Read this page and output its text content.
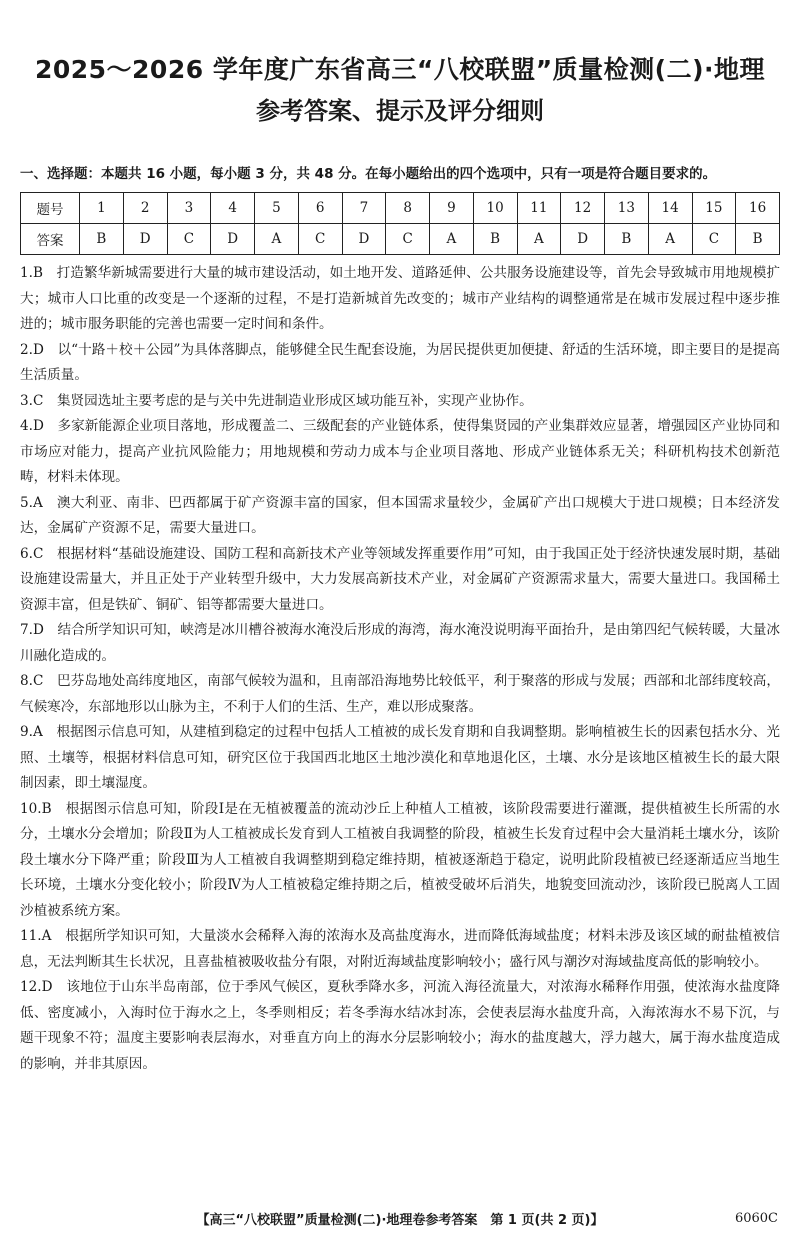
2025～2026 学年度广东省高三“八校联盟”质量检测(二)·地理
参考答案、提示及评分细则
一、选择题：本题共 16 小题，每小题 3 分，共 48 分。在每小题给出的四个选项中，只有一项是符合题目要求的。
题号	1	2	3	4	5	6	7	8	9	10	11	12	13	14	15	16
答案	B	D	C	D	A	C	D	C	A	B	A	D	B	A	C	B

1.B　打造繁华新城需要进行大量的城市建设活动，如土地开发、道路延伸、公共服务设施建设等，首先会导致城市用地规模扩大；城市人口比重的改变是一个逐渐的过程，不是打造新城首先改变的；城市产业结构的调整通常是在城市发展过程中逐步推进的；城市服务职能的完善也需要一定时间和条件。

2.D　以“十路＋校＋公园”为具体落脚点，能够健全民生配套设施，为居民提供更加便捷、舒适的生活环境，即主要目的是提高生活质量。

3.C　集贤园选址主要考虑的是与关中先进制造业形成区域功能互补，实现产业协作。

4.D　多家新能源企业项目落地，形成覆盖二、三级配套的产业链体系，使得集贤园的产业集群效应显著，增强园区产业协同和市场应对能力，提高产业抗风险能力；用地规模和劳动力成本与企业项目落地、形成产业链体系无关；科研机构技术创新范畴，材料未体现。

5.A　澳大利亚、南非、巴西都属于矿产资源丰富的国家，但本国需求量较少，金属矿产出口规模大于进口规模；日本经济发达，金属矿产资源不足，需要大量进口。

6.C　根据材料“基础设施建设、国防工程和高新技术产业等领域发挥重要作用”可知，由于我国正处于经济快速发展时期，基础设施建设需量大，并且正处于产业转型升级中，大力发展高新技术产业，对金属矿产资源需求量大，需要大量进口。我国稀土资源丰富，但是铁矿、铜矿、铝等都需要大量进口。

7.D　结合所学知识可知，峡湾是冰川槽谷被海水淹没后形成的海湾，海水淹没说明海平面抬升，是由第四纪气候转暖，大量冰川融化造成的。

8.C　巴芬岛地处高纬度地区，南部气候较为温和，且南部沿海地势比较低平，利于聚落的形成与发展；西部和北部纬度较高，气候寒冷，东部地形以山脉为主，不利于人们的生活、生产，难以形成聚落。

9.A　根据图示信息可知，从建植到稳定的过程中包括人工植被的成长发育期和自我调整期。影响植被生长的因素包括水分、光照、土壤等，根据材料信息可知，研究区位于我国西北地区土地沙漠化和草地退化区，土壤、水分是该地区植被生长的最大限制因素，即土壤湿度。

10.B　根据图示信息可知，阶段Ⅰ是在无植被覆盖的流动沙丘上种植人工植被，该阶段需要进行灌溉，提供植被生长所需的水分，土壤水分会增加；阶段Ⅱ为人工植被成长发育到人工植被自我调整的阶段，植被生长发育过程中会大量消耗土壤水分，该阶段土壤水分下降严重；阶段Ⅲ为人工植被自我调整期到稳定维持期，植被逐渐趋于稳定，说明此阶段植被已经逐渐适应当地生长环境，土壤水分变化较小；阶段Ⅳ为人工植被稳定维持期之后，植被受破坏后消失，地貌变回流动沙，该阶段已脱离人工固沙植被系统方案。

11.A　根据所学知识可知，大量淡水会稀释入海的浓海水及高盐度海水，进而降低海域盐度；材料未涉及该区域的耐盐植被信息，无法判断其生长状况，且喜盐植被吸收盐分有限，对附近海域盐度影响较小；盛行风与潮汐对海域盐度高低的影响较小。

12.D　该地位于山东半岛南部，位于季风气候区，夏秋季降水多，河流入海径流量大，对浓海水稀释作用强，使浓海水盐度降低、密度减小，入海时位于海水之上，冬季则相反；若冬季海水结冰封冻，会使表层海水盐度升高，入海浓海水不易下沉，与题干现象不符；温度主要影响表层海水，对垂直方向上的海水分层影响较小；海水的盐度越大，浮力越大，属于海水盐度造成的影响，并非其原因。

【高三“八校联盟”质量检测(二)·地理卷参考答案　第 1 页(共 2 页)】	6060C
